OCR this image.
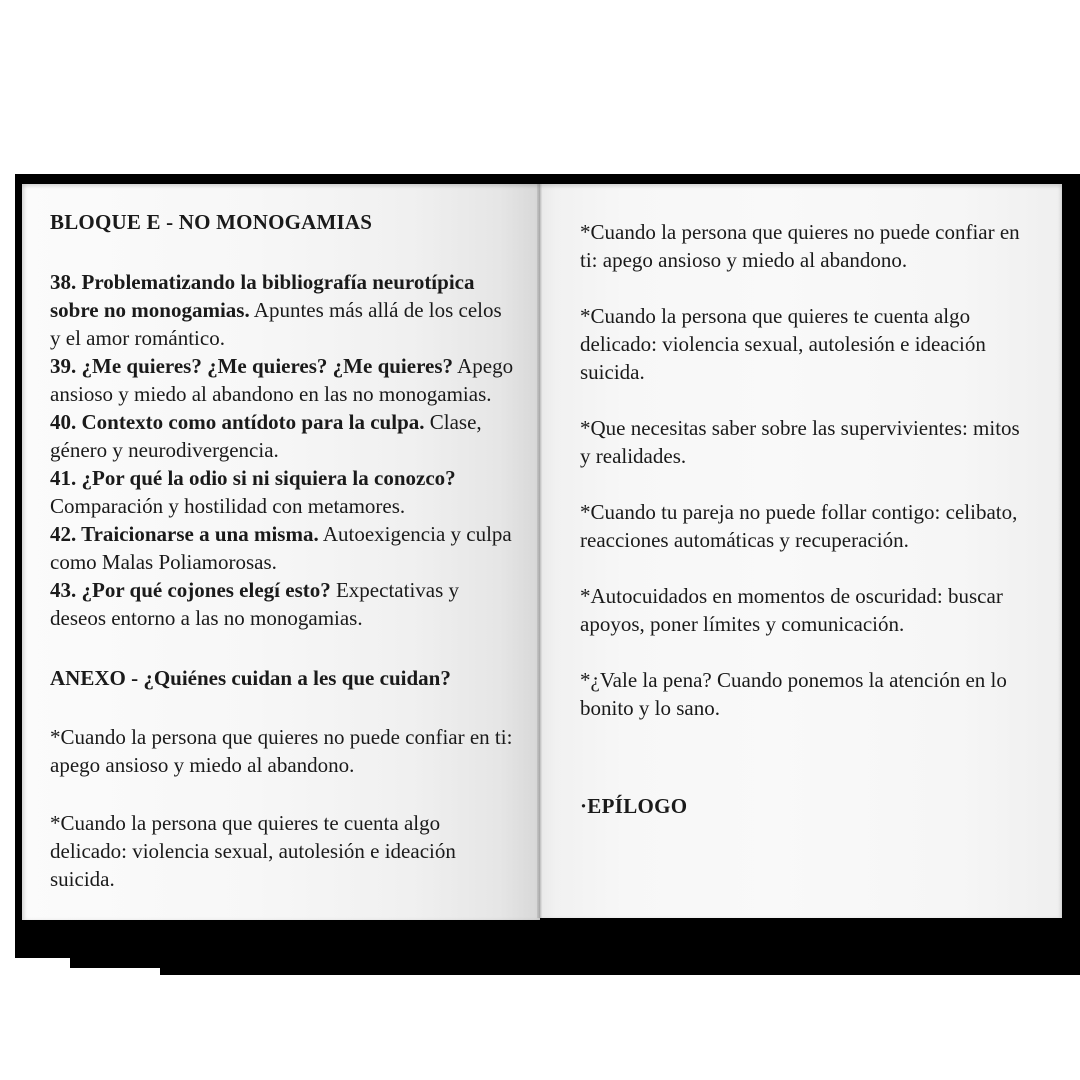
BLOQUE E - NO MONOGAMIAS

38. Problematizando la bibliografía neurotípica sobre no monogamias. Apuntes más allá de los celos y el amor romántico.

39. ¿Me quieres? ¿Me quieres? ¿Me quieres? Apego ansioso y miedo al abandono en las no monogamias.

40. Contexto como antídoto para la culpa. Clase, género y neurodivergencia.

41. ¿Por qué la odio si ni siquiera la conozco? Comparación y hostilidad con metamores.

42. Traicionarse a una misma. Autoexigencia y culpa como Malas Poliamorosas.

43. ¿Por qué cojones elegí esto? Expectativas y deseos entorno a las no monogamias.

ANEXO - ¿Quiénes cuidan a les que cuidan?

*Cuando la persona que quieres no puede confiar en ti: apego ansioso y miedo al abandono.

*Cuando la persona que quieres te cuenta algo delicado: violencia sexual, autolesión e ideación suicida.

*Cuando la persona que quieres no puede confiar en ti: apego ansioso y miedo al abandono.

*Cuando la persona que quieres te cuenta algo delicado: violencia sexual, autolesión e ideación suicida.

*Que necesitas saber sobre las supervivientes: mitos y realidades.

*Cuando tu pareja no puede follar contigo: celibato, reacciones automáticas y recuperación.

*Autocuidados en momentos de oscuridad: buscar apoyos, poner límites y comunicación.

*¿Vale la pena? Cuando ponemos la atención en lo bonito y lo sano.

·EPÍLOGO
